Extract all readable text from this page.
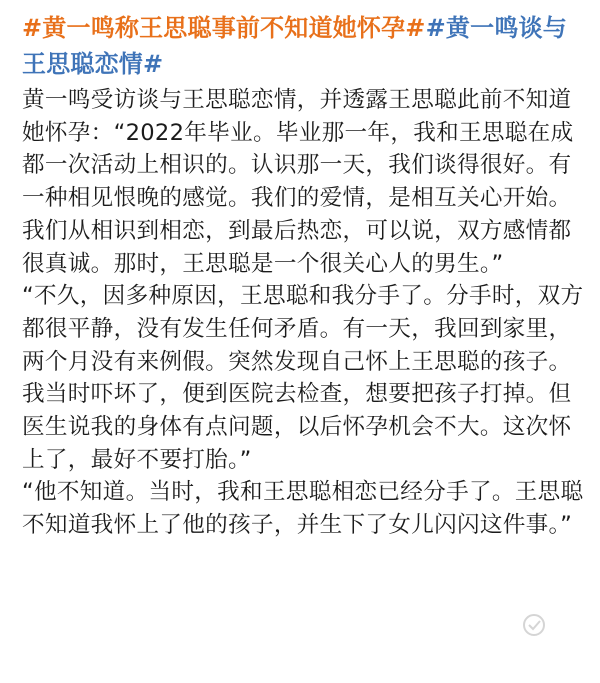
#黄一鸣称王思聪事前不知道她怀孕##黄一鸣谈与王思聪恋情#

黄一鸣受访谈与王思聪恋情，并透露王思聪此前不知道她怀孕：“2022年毕业。毕业那一年，我和王思聪在成都一次活动上相识的。认识那一天，我们谈得很好。有一种相见恨晚的感觉。我们的爱情，是相互关心开始。我们从相识到相恋，到最后热恋，可以说，双方感情都很真诚。那时，王思聪是一个很关心人的男生。”

“不久，因多种原因，王思聪和我分手了。分手时，双方都很平静，没有发生任何矛盾。有一天，我回到家里，两个月没有来例假。突然发现自己怀上王思聪的孩子。我当时吓坏了，便到医院去检查，想要把孩子打掉。但医生说我的身体有点问题，以后怀孕机会不大。这次怀上了，最好不要打胎。”

“他不知道。当时，我和王思聪相恋已经分手了。王思聪不知道我怀上了他的孩子，并生下了女儿闪闪这件事。”
